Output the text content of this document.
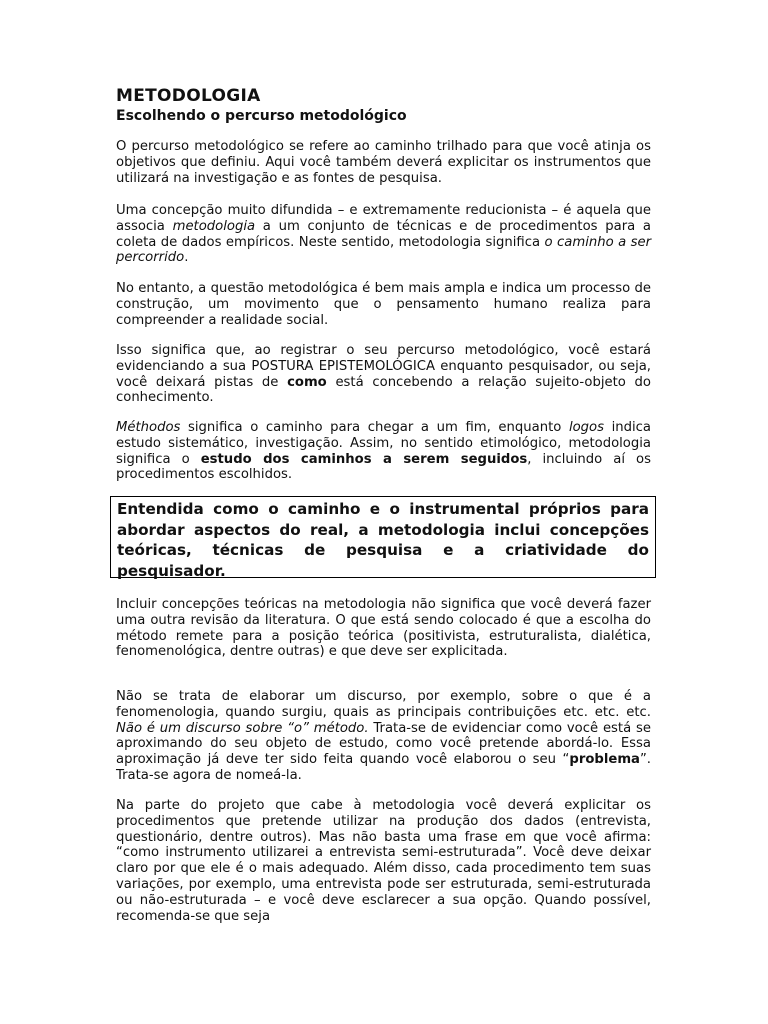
METODOLOGIA
Escolhendo o percurso metodológico

O percurso metodológico se refere ao caminho trilhado para que você atinja os objetivos que definiu. Aqui você também deverá explicitar os instrumentos que utilizará na investigação e as fontes de pesquisa.

Uma concepção muito difundida – e extremamente reducionista – é aquela que associa metodologia a um conjunto de técnicas e de procedimentos para a coleta de dados empíricos. Neste sentido, metodologia significa o caminho a ser percorrido.

No entanto, a questão metodológica é bem mais ampla e indica um processo de construção, um movimento que o pensamento humano realiza para compreender a realidade social.

Isso significa que, ao registrar o seu percurso metodológico, você estará evidenciando a sua POSTURA EPISTEMOLÓGICA enquanto pesquisador, ou seja, você deixará pistas de como está concebendo a relação sujeito-objeto do conhecimento.

Méthodos significa o caminho para chegar a um fim, enquanto logos indica estudo sistemático, investigação. Assim, no sentido etimológico, metodologia significa o estudo dos caminhos a serem seguidos, incluindo aí os procedimentos escolhidos.

Entendida como o caminho e o instrumental próprios para abordar aspectos do real, a metodologia inclui concepções teóricas, técnicas de pesquisa e a criatividade do pesquisador.

Incluir concepções teóricas na metodologia não significa que você deverá fazer uma outra revisão da literatura. O que está sendo colocado é que a escolha do método remete para a posição teórica (positivista, estruturalista, dialética, fenomenológica, dentre outras) e que deve ser explicitada.

Não se trata de elaborar um discurso, por exemplo, sobre o que é a fenomenologia, quando surgiu, quais as principais contribuições etc. etc. etc. Não é um discurso sobre “o” método. Trata-se de evidenciar como você está se aproximando do seu objeto de estudo, como você pretende abordá-lo. Essa aproximação já deve ter sido feita quando você elaborou o seu “problema”. Trata-se agora de nomeá-la.

Na parte do projeto que cabe à metodologia você deverá explicitar os procedimentos que pretende utilizar na produção dos dados (entrevista, questionário, dentre outros). Mas não basta uma frase em que você afirma: “como instrumento utilizarei a entrevista semi-estruturada”. Você deve deixar claro por que ele é o mais adequado. Além disso, cada procedimento tem suas variações, por exemplo, uma entrevista pode ser estruturada, semi-estruturada ou não-estruturada – e você deve esclarecer a sua opção. Quando possível, recomenda-se que seja
